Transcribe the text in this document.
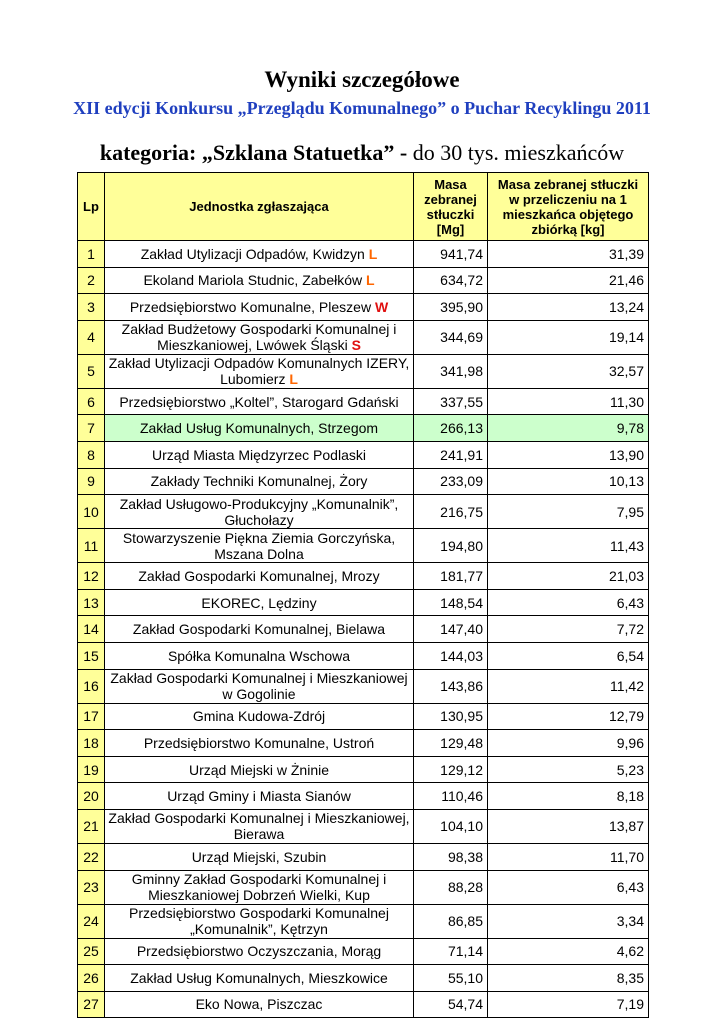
Wyniki szczegółowe
XII edycji Konkursu „Przeglądu Komunalnego” o Puchar Recyklingu 2011
kategoria: „Szklana Statuetka” - do 30 tys. mieszkańców
Lp	Jednostka zgłaszająca	Masa zebranej stłuczki [Mg]	Masa zebranej stłuczki w przeliczeniu na 1 mieszkańca objętego zbiórką [kg]
1	Zakład Utylizacji Odpadów, Kwidzyn L	941,74	31,39
2	Ekoland Mariola Studnic, Zabełków L	634,72	21,46
3	Przedsiębiorstwo Komunalne, Pleszew W	395,90	13,24
4	Zakład Budżetowy Gospodarki Komunalnej i Mieszkaniowej, Lwówek Śląski S	344,69	19,14
5	Zakład Utylizacji Odpadów Komunalnych IZERY, Lubomierz L	341,98	32,57
6	Przedsiębiorstwo „Koltel”, Starogard Gdański	337,55	11,30
7	Zakład Usług Komunalnych, Strzegom	266,13	9,78
8	Urząd Miasta Międzyrzec Podlaski	241,91	13,90
9	Zakłady Techniki Komunalnej, Żory	233,09	10,13
10	Zakład Usługowo-Produkcyjny „Komunalnik”, Głuchołazy	216,75	7,95
11	Stowarzyszenie Piękna Ziemia Gorczyńska, Mszana Dolna	194,80	11,43
12	Zakład Gospodarki Komunalnej, Mrozy	181,77	21,03
13	EKOREC, Lędziny	148,54	6,43
14	Zakład Gospodarki Komunalnej, Bielawa	147,40	7,72
15	Spółka Komunalna Wschowa	144,03	6,54
16	Zakład Gospodarki Komunalnej i Mieszkaniowej w Gogolinie	143,86	11,42
17	Gmina Kudowa-Zdrój	130,95	12,79
18	Przedsiębiorstwo Komunalne, Ustroń	129,48	9,96
19	Urząd Miejski w Żninie	129,12	5,23
20	Urząd Gminy i Miasta Sianów	110,46	8,18
21	Zakład Gospodarki Komunalnej i Mieszkaniowej, Bierawa	104,10	13,87
22	Urząd Miejski, Szubin	98,38	11,70
23	Gminny Zakład Gospodarki Komunalnej i Mieszkaniowej Dobrzeń Wielki, Kup	88,28	6,43
24	Przedsiębiorstwo Gospodarki Komunalnej „Komunalnik”, Kętrzyn	86,85	3,34
25	Przedsiębiorstwo Oczyszczania, Morąg	71,14	4,62
26	Zakład Usług Komunalnych, Mieszkowice	55,10	8,35
27	Eko Nowa, Piszczac	54,74	7,19
